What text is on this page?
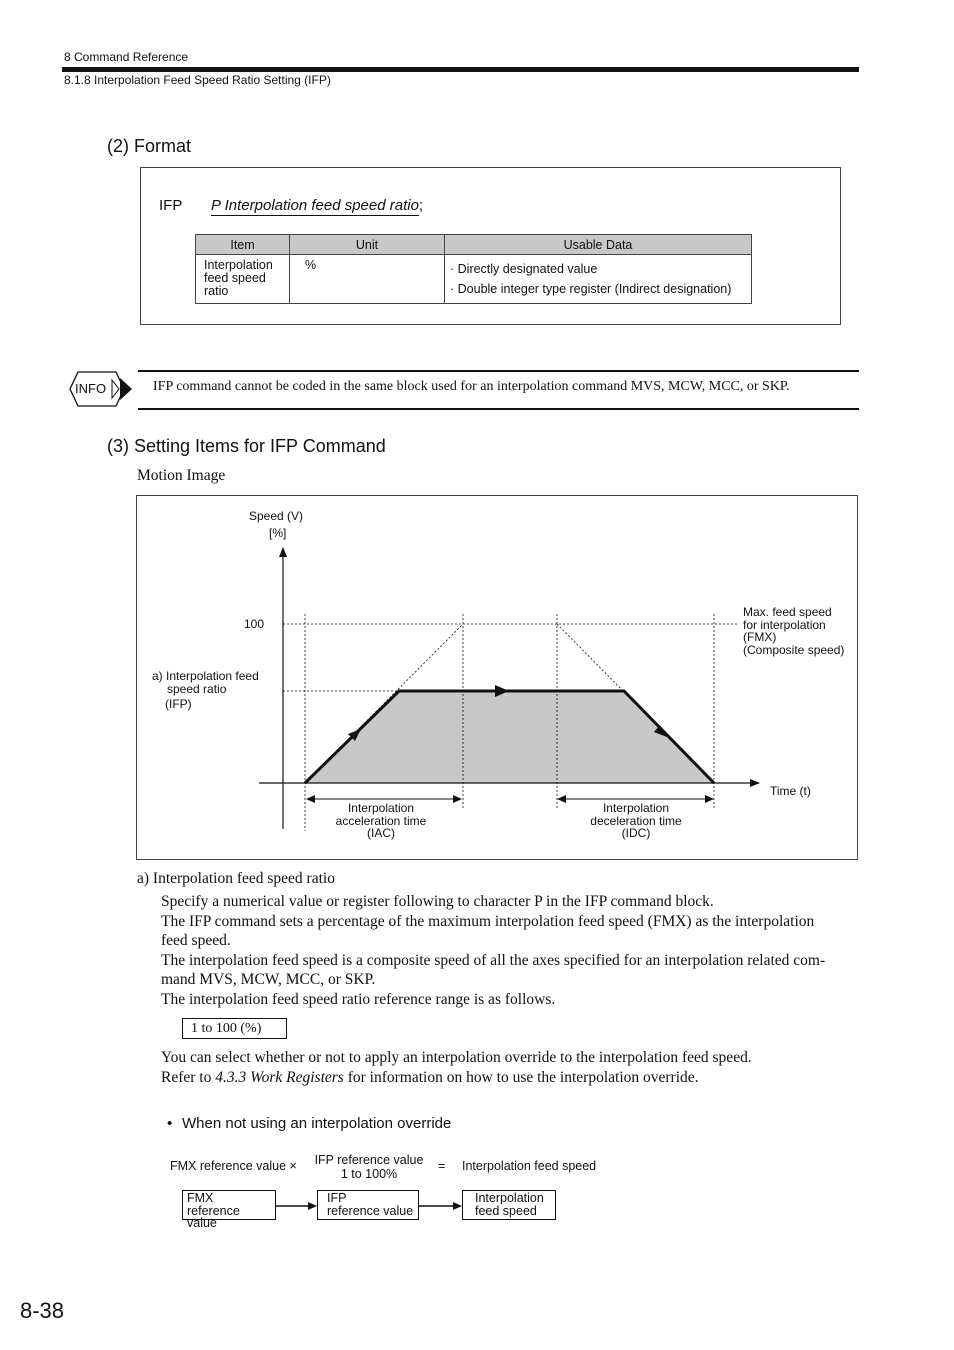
8 Command Reference
8.1.8 Interpolation Feed Speed Ratio Setting (IFP)
(2) Format
IFP P Interpolation feed speed ratio;
Item	Unit	Usable Data
Interpolation feed speed ratio	%	· Directly designated value
· Double integer type register (Indirect designation)
INFO	IFP command cannot be coded in the same block used for an interpolation command MVS, MCW, MCC, or SKP.
(3) Setting Items for IFP Command
Motion Image
Speed (V)
[%]
100
a) Interpolation feed
speed ratio
(IFP)
Max. feed speed
for interpolation
(FMX)
(Composite speed)
Time (t)
Interpolation
acceleration time
(IAC)
Interpolation
deceleration time
(IDC)
a) Interpolation feed speed ratio
Specify a numerical value or register following to character P in the IFP command block.
The IFP command sets a percentage of the maximum interpolation feed speed (FMX) as the interpolation
feed speed.
The interpolation feed speed is a composite speed of all the axes specified for an interpolation related com-
mand MVS, MCW, MCC, or SKP.
The interpolation feed speed ratio reference range is as follows.
1 to 100 (%)
You can select whether or not to apply an interpolation override to the interpolation feed speed.
Refer to 4.3.3 Work Registers for information on how to use the interpolation override.
• When not using an interpolation override
FMX reference value ×	IFP reference value
1 to 100%
= Interpolation feed speed
FMX
reference value
IFP
reference value
Interpolation
feed speed
8-38
